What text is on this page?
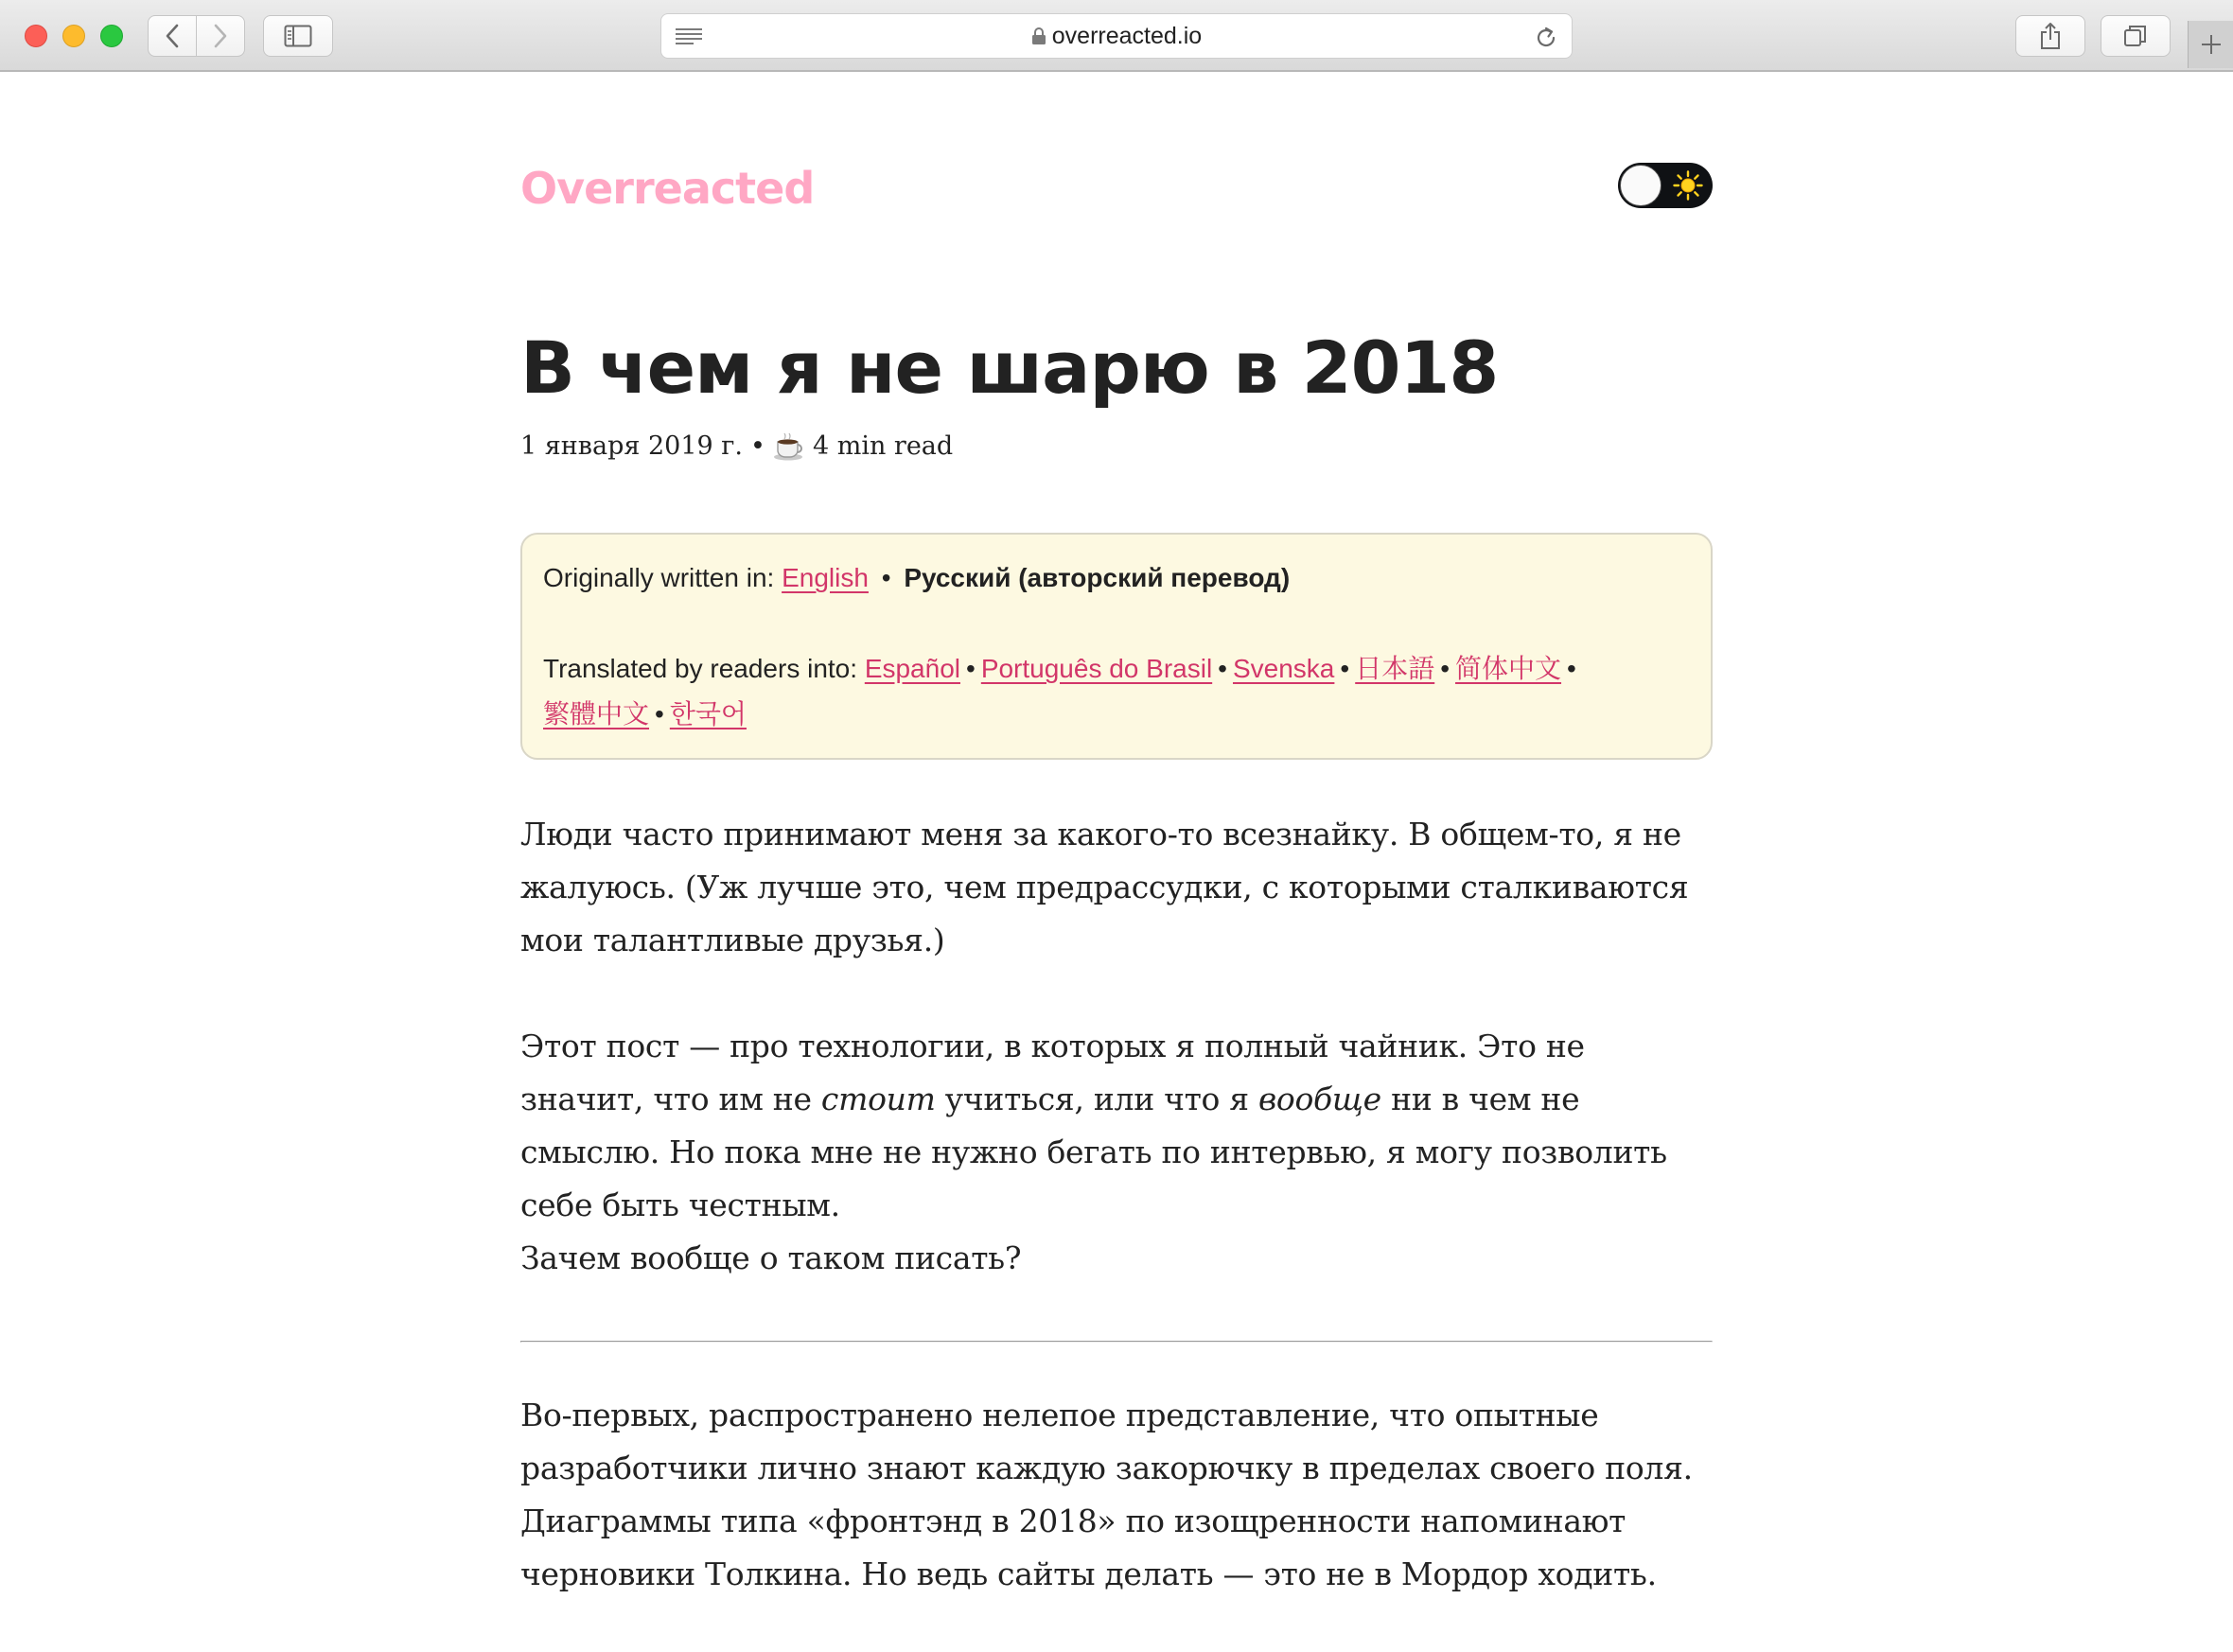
overreacted.io
Overreacted
В чем я не шарю в 2018
1 января 2019 г. • 4 min read
Originally written in: English • Русский (авторский перевод)
Translated by readers into: Español • Português do Brasil • Svenska • 日本語 • 简体中文 •
繁體中文 • 한국어

Люди часто принимают меня за какого-то всезнайку. В общем-то, я не жалуюсь. (Уж лучше это, чем предрассудки, с которыми сталкиваются мои талантливые друзья.)

Этот пост — про технологии, в которых я полный чайник. Это не значит, что им не стоит учиться, или что я вообще ни в чем не смыслю. Но пока мне не нужно бегать по интервью, я могу позволить себе быть честным.

Зачем вообще о таком писать?

Во-первых, распространено нелепое представление, что опытные разработчики лично знают каждую закорючку в пределах своего поля. Диаграммы типа «фронтэнд в 2018» по изощренности напоминают черновики Толкина. Но ведь сайты делать — это не в Мордор ходить.
